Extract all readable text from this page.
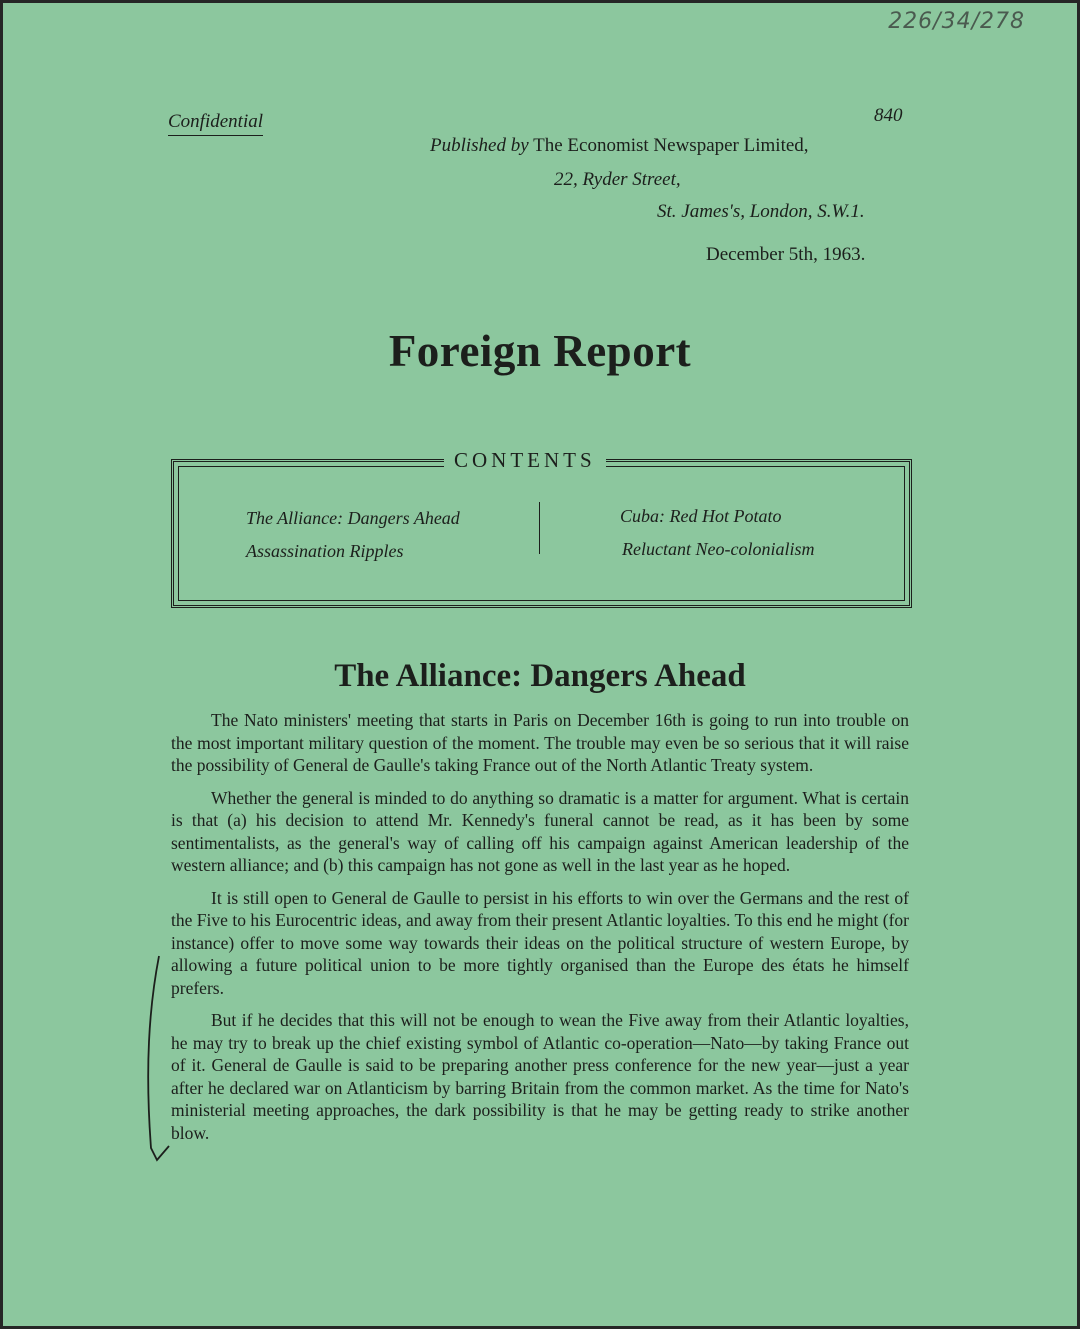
226/34/278
Confidential	840
Published by The Economist Newspaper Limited,
22, Ryder Street,
St. James's, London, S.W.1.
December 5th, 1963.
Foreign Report
CONTENTS
The Alliance: Dangers Ahead
Assassination Ripples
Cuba: Red Hot Potato
Reluctant Neo-colonialism
The Alliance: Dangers Ahead

The Nato ministers' meeting that starts in Paris on December 16th is going to run into trouble on the most important military question of the moment. The trouble may even be so serious that it will raise the possibility of General de Gaulle's taking France out of the North Atlantic Treaty system.

Whether the general is minded to do anything so dramatic is a matter for argument. What is certain is that (a) his decision to attend Mr. Kennedy's funeral cannot be read, as it has been by some sentimentalists, as the general's way of calling off his campaign against American leadership of the western alliance; and (b) this campaign has not gone as well in the last year as he hoped.

It is still open to General de Gaulle to persist in his efforts to win over the Germans and the rest of the Five to his Eurocentric ideas, and away from their present Atlantic loyalties. To this end he might (for instance) offer to move some way towards their ideas on the political structure of western Europe, by allowing a future political union to be more tightly organised than the Europe des états he himself prefers.

But if he decides that this will not be enough to wean the Five away from their Atlantic loyalties, he may try to break up the chief existing symbol of Atlantic co-operation—Nato—by taking France out of it. General de Gaulle is said to be preparing another press conference for the new year—just a year after he declared war on Atlanticism by barring Britain from the common market. As the time for Nato's ministerial meeting approaches, the dark possibility is that he may be getting ready to strike another blow.
